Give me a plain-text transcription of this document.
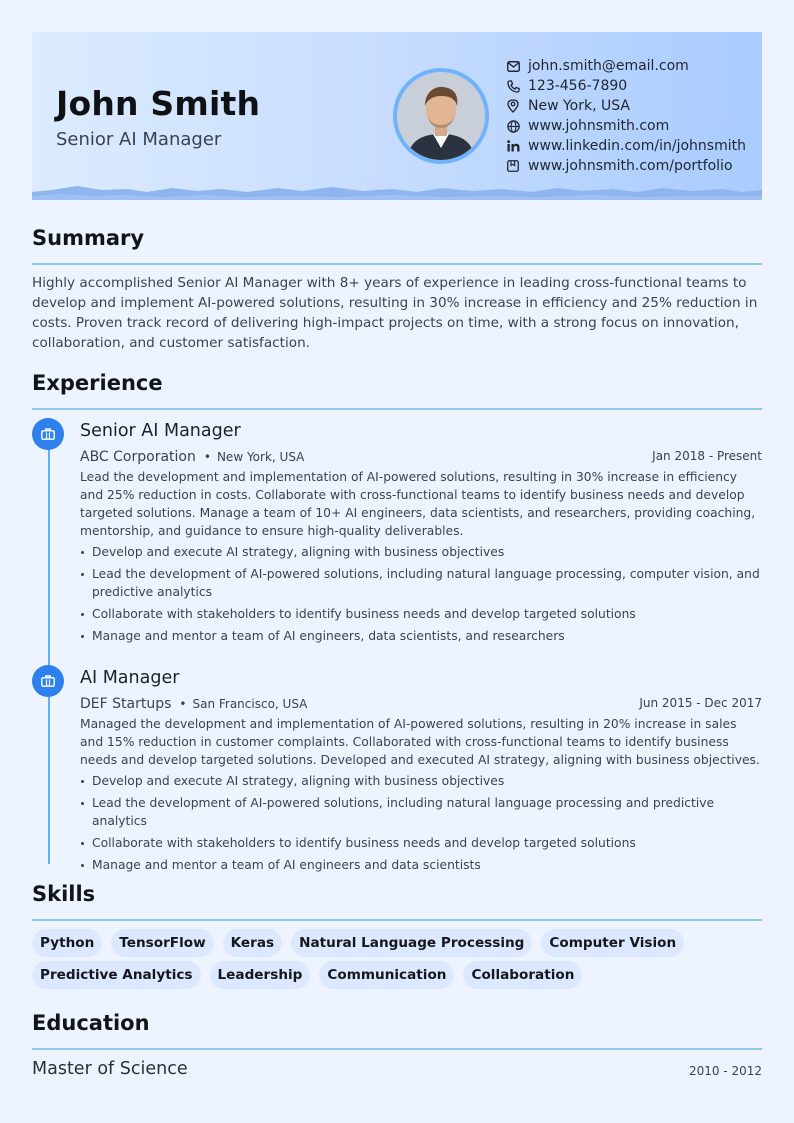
John Smith
Senior AI Manager
john.smith@email.com
123-456-7890
New York, USA
www.johnsmith.com
www.linkedin.com/in/johnsmith
www.johnsmith.com/portfolio
Summary
Highly accomplished Senior AI Manager with 8+ years of experience in leading cross-functional teams to develop and implement AI-powered solutions, resulting in 30% increase in efficiency and 25% reduction in costs. Proven track record of delivering high-impact projects on time, with a strong focus on innovation, collaboration, and customer satisfaction.
Experience
Senior AI Manager
ABC Corporation • New York, USA	Jan 2018 - Present
Lead the development and implementation of AI-powered solutions, resulting in 30% increase in efficiency and 25% reduction in costs. Collaborate with cross-functional teams to identify business needs and develop targeted solutions. Manage a team of 10+ AI engineers, data scientists, and researchers, providing coaching, mentorship, and guidance to ensure high-quality deliverables.
Develop and execute AI strategy, aligning with business objectives
Lead the development of AI-powered solutions, including natural language processing, computer vision, and predictive analytics
Collaborate with stakeholders to identify business needs and develop targeted solutions
Manage and mentor a team of AI engineers, data scientists, and researchers
AI Manager
DEF Startups • San Francisco, USA	Jun 2015 - Dec 2017
Managed the development and implementation of AI-powered solutions, resulting in 20% increase in sales and 15% reduction in customer complaints. Collaborated with cross-functional teams to identify business needs and develop targeted solutions. Developed and executed AI strategy, aligning with business objectives.
Develop and execute AI strategy, aligning with business objectives
Lead the development of AI-powered solutions, including natural language processing and predictive analytics
Collaborate with stakeholders to identify business needs and develop targeted solutions
Manage and mentor a team of AI engineers and data scientists
Skills
Python	TensorFlow	Keras	Natural Language Processing	Computer Vision
Predictive Analytics	Leadership	Communication	Collaboration
Education
Master of Science	2010 - 2012
